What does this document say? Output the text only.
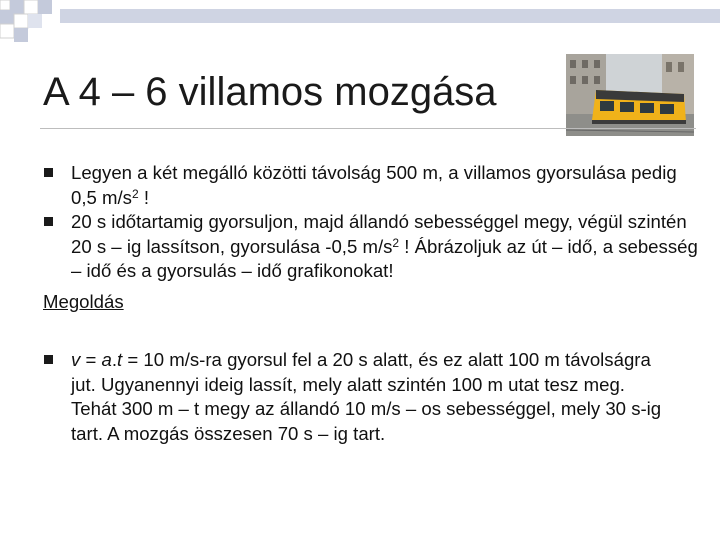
A 4 – 6 villamos mozgása
Legyen a két megálló közötti távolság 500 m, a villamos gyorsulása pedig 0,5 $m/s^2$ !
20 s időtartamig gyorsuljon, majd állandó sebességgel megy, végül szintén 20 s – ig lassítson, gyorsulása -0,5 $m/s^2$ ! Ábrázoljuk az út – idő, a sebesség – idő és a gyorsulás – idő grafikonokat!
Megoldás
v = a.t = 10 m/s-ra gyorsul fel a 20 s alatt, és ez alatt 100 m távolságra jut. Ugyanennyi ideig lassít, mely alatt szintén 100 m utat tesz meg. Tehát 300 m – t megy az állandó 10 m/s – os sebességgel, mely 30 s-ig tart. A mozgás összesen 70 s – ig tart.
